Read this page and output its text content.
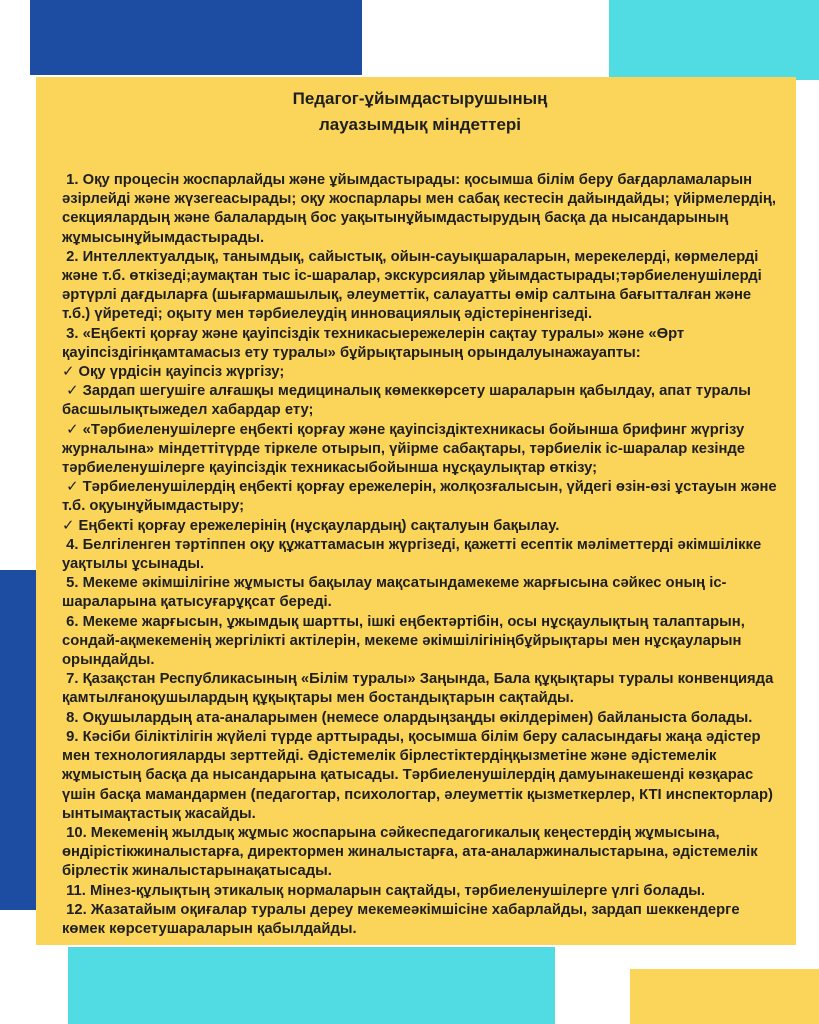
Педагог-ұйымдастырушының
лауазымдық міндеттері

1. Оқу процесін жоспарлайды және ұйымдастырады: қосымша білім беру бағдарламаларын әзірлейді және жүзегеасырады; оқу жоспарлары мен сабақ кестесін дайындайды; үйірмелердің, секциялардың және балалардың бос уақытынұйымдастырудың басқа да нысандарының жұмысынұйымдастырады.

2. Интеллектуалдық, танымдық, сайыстық, ойын-сауықшараларын, мерекелерді, көрмелерді және т.б. өткізеді;аумақтан тыс іс-шаралар, экскурсиялар ұйымдастырады;тәрбиеленушілерді әртүрлі дағдыларға (шығармашылық, әлеуметтік, салауатты өмір салтына бағытталған және т.б.) үйретеді; оқыту мен тәрбиелеудің инновациялық әдістеріненгізеді.

3. «Еңбекті қорғау және қауіпсіздік техникасыережелерін сақтау туралы» және «Өрт қауіпсіздігінқамтамасыз ету туралы» бұйрықтарының орындалуынажауапты:

✓ Оқу үрдісін қауіпсіз жүргізу;

✓ Зардап шегушіге алғашқы медициналық көмеккөрсету шараларын қабылдау, апат туралы басшылықтыжедел хабардар ету;

✓ «Тәрбиеленушілерге еңбекті қорғау және қауіпсіздіктехникасы бойынша брифинг жүргізу журналына» міндеттітүрде тіркеле отырып, үйірме сабақтары, тәрбиелік іс-шаралар кезінде тәрбиеленушілерге қауіпсіздік техникасыбойынша нұсқаулықтар өткізу;

✓ Тәрбиеленушілердің еңбекті қорғау ережелерін, жолқозғалысын, үйдегі өзін-өзі ұстауын және т.б. оқуынұйымдастыру;

✓ Еңбекті қорғау ережелерінің (нұсқаулардың) сақталуын бақылау.

4. Белгіленген тәртіппен оқу құжаттамасын жүргізеді, қажетті есептік мәліметтерді әкімшілікке уақтылы ұсынады.

5. Мекеме әкімшілігіне жұмысты бақылау мақсатындамекеме жарғысына сәйкес оның іс-шараларына қатысуғарұқсат береді.

6. Мекеме жарғысын, ұжымдық шартты, ішкі еңбектәртібін, осы нұсқаулықтың талаптарын, сондай-ақмекеменің жергілікті актілерін, мекеме әкімшілігініңбұйрықтары мен нұсқауларын орындайды.

7. Қазақстан Республикасының «Білім туралы» Заңында, Бала құқықтары туралы конвенцияда қамтылғаноқушылардың құқықтары мен бостандықтарын сақтайды.

8. Оқушылардың ата-аналарымен (немесе олардыңзаңды өкілдерімен) байланыста болады.

9. Кәсіби біліктілігін жүйелі түрде арттырады, қосымша білім беру саласындағы жаңа әдістер мен технологияларды зерттейді. Әдістемелік бірлестіктердіңқызметіне және әдістемелік жұмыстың басқа да нысандарына қатысады. Тәрбиеленушілердің дамуынакешенді көзқарас үшін басқа мамандармен (педагогтар, психологтар, әлеуметтік қызметкерлер, КТІ инспекторлар) ынтымақтастық жасайды.

10. Мекеменің жылдық жұмыс жоспарына сәйкеспедагогикалық кеңестердің жұмысына, өндірістікжиналыстарға, директормен жиналыстарға, ата-аналаржиналыстарына, әдістемелік бірлестік жиналыстарынақатысады.

11. Мінез-құлықтың этикалық нормаларын сақтайды, тәрбиеленушілерге үлгі болады.

12. Жазатайым оқиғалар туралы дереу мекемеәкімшісіне хабарлайды, зардап шеккендерге көмек көрсетушараларын қабылдайды.
